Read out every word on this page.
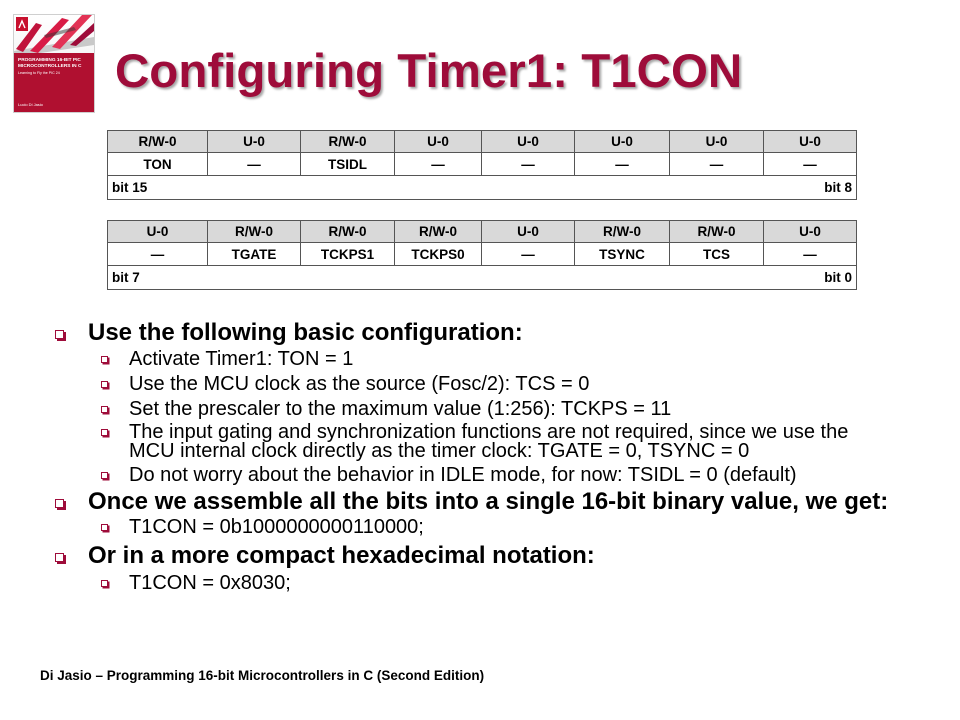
PROGRAMMING 16-BIT PIC
MICROCONTROLLERS IN C
Learning to Fly the PIC 24
Lucio Di Jasio
Configuring Timer1: T1CON
R/W-0	U-0	R/W-0	U-0	U-0	U-0	U-0	U-0
TON	—	TSIDL	—	—	—	—	—

bit 15 bit 8							
U-0	R/W-0	R/W-0	R/W-0	U-0	R/W-0	R/W-0	U-0
—	TGATE	TCKPS1	TCKPS0	—	TSYNC	TCS	—

bit 7 bit 0							
Use the following basic configuration:
Activate Timer1: TON = 1
Use the MCU clock as the source (Fosc/2): TCS = 0
Set the prescaler to the maximum value (1:256): TCKPS = 11
The input gating and synchronization functions are not required, since we use the
MCU internal clock directly as the timer clock: TGATE = 0, TSYNC = 0
Do not worry about the behavior in IDLE mode, for now: TSIDL = 0 (default)
Once we assemble all the bits into a single 16-bit binary value, we get:
T1CON = 0b1000000000110000;
Or in a more compact hexadecimal notation:
T1CON = 0x8030;
Di Jasio – Programming 16-bit Microcontrollers in C (Second Edition)
